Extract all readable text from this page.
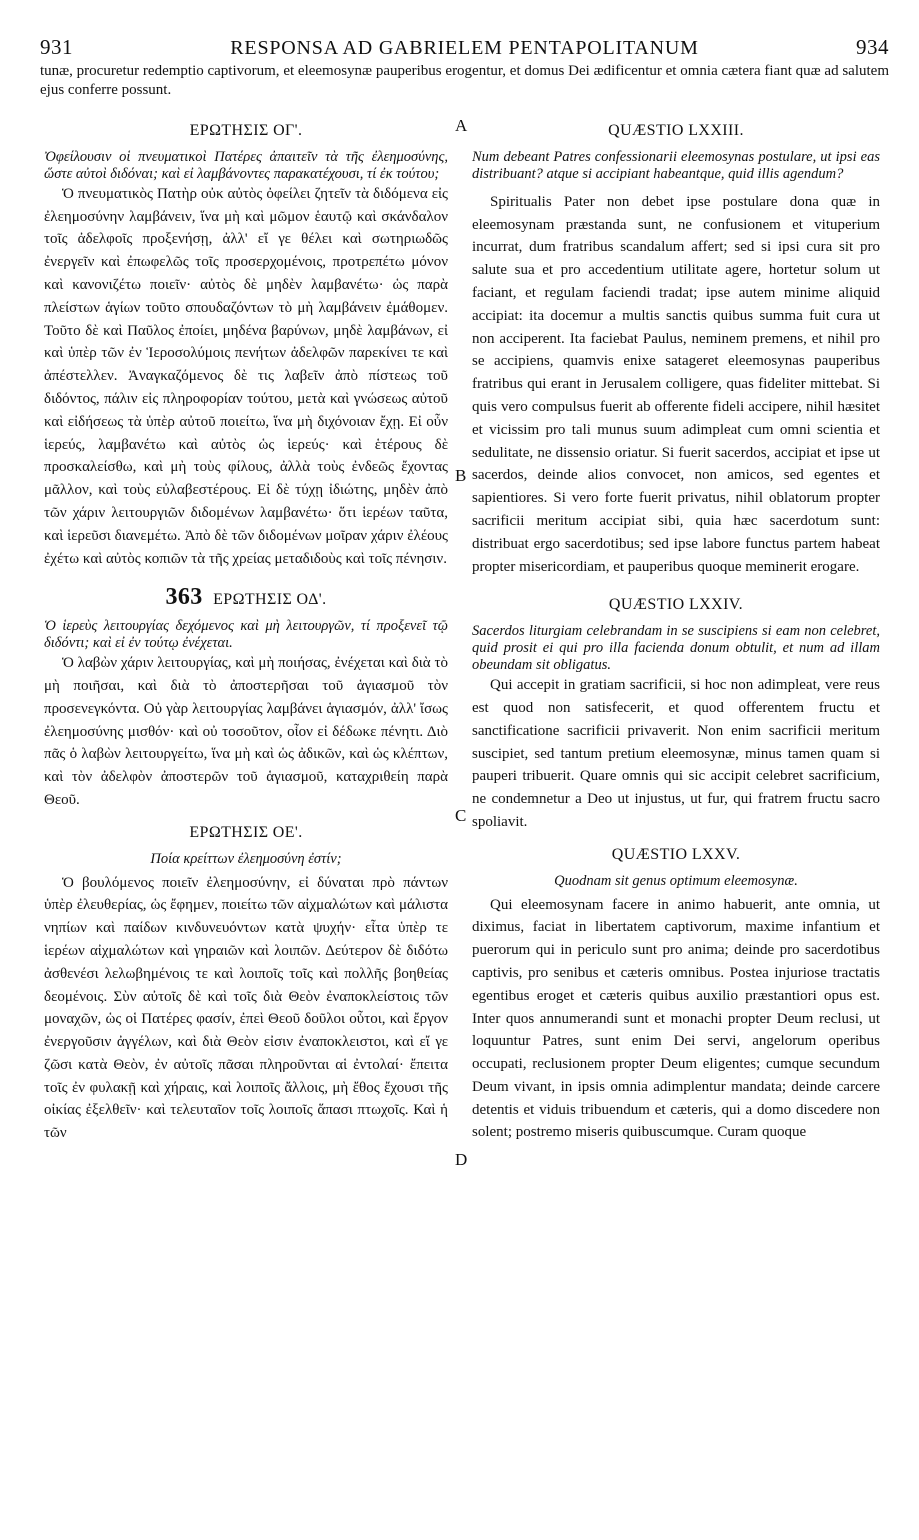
931	RESPONSA AD GABRIELEM PENTAPOLITANUM	934
tunæ, procuretur redemptio captivorum, et eleemosynæ pauperibus erogentur, et domus Dei ædificentur et omnia cætera fiant quæ ad salutem ejus conferre possunt.
A
B
C
D
ΕΡΩΤΗΣΙΣ ΟΓ'.

Ὀφείλουσιν οἱ πνευματικοὶ Πατέρες ἀπαιτεῖν τὰ τῆς ἐλεημοσύνης, ὥστε αὐτοὶ διδόναι; καὶ εἰ λαμβάνοντες παρακατέχουσι, τί ἐκ τούτου;

Ὁ πνευματικὸς Πατὴρ οὐκ αὐτὸς ὀφείλει ζητεῖν τὰ διδόμενα εἰς ἐλεημοσύνην λαμβάνειν, ἵνα μὴ καὶ μῶμον ἑαυτῷ καὶ σκάνδαλον τοῖς ἀδελφοῖς προξενήσῃ, ἀλλ' εἴ γε θέλει καὶ σωτηριωδῶς ἐνεργεῖν καὶ ἐπωφελῶς τοῖς προσερχομένοις, προτρεπέτω μόνον καὶ κανονιζέτω ποιεῖν· αὐτὸς δὲ μηδὲν λαμβανέτω· ὡς παρὰ πλείστων ἁγίων τοῦτο σπουδαζόντων τὸ μὴ λαμβάνειν ἐμάθομεν. Τοῦτο δὲ καὶ Παῦλος ἐποίει, μηδένα βαρύνων, μηδὲ λαμβάνων, εἰ καὶ ὑπὲρ τῶν ἐν Ἱεροσολύμοις πενήτων ἀδελφῶν παρεκίνει τε καὶ ἀπέστελλεν. Ἀναγκαζόμενος δὲ τις λαβεῖν ἀπὸ πίστεως τοῦ διδόντος, πάλιν εἰς πληροφορίαν τούτου, μετὰ καὶ γνώσεως αὐτοῦ καὶ εἰδήσεως τὰ ὑπὲρ αὐτοῦ ποιείτω, ἵνα μὴ διχόνοιαν ἔχῃ. Εἰ οὖν ἱερεύς, λαμβανέτω καὶ αὐτὸς ὡς ἱερεύς· καὶ ἑτέρους δὲ προσκαλείσθω, καὶ μὴ τοὺς φίλους, ἀλλὰ τοὺς ἐνδεῶς ἔχοντας μᾶλλον, καὶ τοὺς εὐλαβεστέρους. Εἰ δὲ τύχῃ ἰδιώτης, μηδὲν ἀπὸ τῶν χάριν λειτουργιῶν διδομένων λαμβανέτω· ὅτι ἱερέων ταῦτα, καὶ ἱερεῦσι διανεμέτω. Ἀπὸ δὲ τῶν διδομένων μοῖραν χάριν ἐλέους ἐχέτω καὶ αὐτὸς κοπιῶν τὰ τῆς χρείας μεταδιδοὺς καὶ τοῖς πένησιν.

363 ΕΡΩΤΗΣΙΣ ΟΔ'.

Ὁ ἱερεὺς λειτουργίας δεχόμενος καὶ μὴ λειτουργῶν, τί προξενεῖ τῷ διδόντι; καὶ εἰ ἐν τούτῳ ἐνέχεται.

Ὁ λαβὼν χάριν λειτουργίας, καὶ μὴ ποιήσας, ἐνέχεται καὶ διὰ τὸ μὴ ποιῆσαι, καὶ διὰ τὸ ἀποστερῆσαι τοῦ ἁγιασμοῦ τὸν προσενεγκόντα. Οὐ γὰρ λειτουργίας λαμβάνει ἁγιασμόν, ἀλλ' ἴσως ἐλεημοσύνης μισθόν· καὶ οὐ τοσοῦτον, οἷον εἰ δέδωκε πένητι. Διὸ πᾶς ὁ λαβὼν λειτουργείτω, ἵνα μὴ καὶ ὡς ἀδικῶν, καὶ ὡς κλέπτων, καὶ τὸν ἀδελφὸν ἀποστερῶν τοῦ ἁγιασμοῦ, καταχριθείη παρὰ Θεοῦ.

ΕΡΩΤΗΣΙΣ ΟΕ'.

Ποία κρείττων ἐλεημοσύνη ἐστίν;

Ὁ βουλόμενος ποιεῖν ἐλεημοσύνην, εἰ δύναται πρὸ πάντων ὑπὲρ ἐλευθερίας, ὡς ἔφημεν, ποιείτω τῶν αἰχμαλώτων καὶ μάλιστα νηπίων καὶ παίδων κινδυνευόντων κατὰ ψυχήν· εἶτα ὑπὲρ τε ἱερέων αἰχμαλώτων καὶ γηραιῶν καὶ λοιπῶν. Δεύτερον δὲ διδότω ἀσθενέσι λελωβημένοις τε καὶ λοιποῖς τοῖς καὶ πολλῆς βοηθείας δεομένοις. Σὺν αὐτοῖς δὲ καὶ τοῖς διὰ Θεὸν ἐναποκλείστοις τῶν μοναχῶν, ὡς οἱ Πατέρες φασίν, ἐπεὶ Θεοῦ δοῦλοι οὗτοι, καὶ ἔργον ἐνεργοῦσιν ἀγγέλων, καὶ διὰ Θεὸν εἰσιν ἐναποκλειστοι, καὶ εἴ γε ζῶσι κατὰ Θεὸν, ἐν αὐτοῖς πᾶσαι πληροῦνται αἱ ἐντολαί· ἔπειτα τοῖς ἐν φυλακῇ καὶ χήραις, καὶ λοιποῖς ἄλλοις, μὴ ἔθος ἔχουσι τῆς οἰκίας ἐξελθεῖν· καὶ τελευταῖον τοῖς λοιποῖς ἅπασι πτωχοῖς. Καὶ ἡ τῶν

QUÆSTIO LXXIII.

Num debeant Patres confessionarii eleemosynas postulare, ut ipsi eas distribuant? atque si accipiant habeantque, quid illis agendum?

Spiritualis Pater non debet ipse postulare dona quæ in eleemosynam præstanda sunt, ne confusionem et vituperium incurrat, dum fratribus scandalum affert; sed si ipsi cura sit pro salute sua et pro accedentium utilitate agere, hortetur solum ut faciant, et regulam faciendi tradat; ipse autem minime aliquid accipiat: ita docemur a multis sanctis quibus summa fuit cura ut non acciperent. Ita faciebat Paulus, neminem premens, et nihil pro se accipiens, quamvis enixe satageret eleemosynas pauperibus fratribus qui erant in Jerusalem colligere, quas fideliter mittebat. Si quis vero compulsus fuerit ab offerente fideli accipere, nihil hæsitet et vicissim pro tali munus suum adimpleat cum omni scientia et sedulitate, ne dissensio oriatur. Si fuerit sacerdos, accipiat et ipse ut sacerdos, deinde alios convocet, non amicos, sed egentes et sapientiores. Si vero forte fuerit privatus, nihil oblatorum propter sacrificii meritum accipiat sibi, quia hæc sacerdotum sunt: distribuat ergo sacerdotibus; sed ipse labore functus partem habeat propter misericordiam, et pauperibus quoque meminerit erogare.

QUÆSTIO LXXIV.

Sacerdos liturgiam celebrandam in se suscipiens si eam non celebret, quid prosit ei qui pro illa facienda donum obtulit, et num ad illam obeundam sit obligatus.

Qui accepit in gratiam sacrificii, si hoc non adimpleat, vere reus est quod non satisfecerit, et quod offerentem fructu et sanctificatione sacrificii privaverit. Non enim sacrificii meritum suscipiet, sed tantum pretium eleemosynæ, minus tamen quam si pauperi tribuerit. Quare omnis qui sic accipit celebret sacrificium, ne condemnetur a Deo ut injustus, ut fur, qui fratrem fructu sacro spoliavit.

QUÆSTIO LXXV.

Quodnam sit genus optimum eleemosynæ.

Qui eleemosynam facere in animo habuerit, ante omnia, ut diximus, faciat in libertatem captivorum, maxime infantium et puerorum qui in periculo sunt pro anima; deinde pro sacerdotibus captivis, pro senibus et cæteris omnibus. Postea injuriose tractatis egentibus eroget et cæteris quibus auxilio præstantiori opus est. Inter quos annumerandi sunt et monachi propter Deum reclusi, ut loquuntur Patres, sunt enim Dei servi, angelorum operibus occupati, reclusionem propter Deum eligentes; cumque secundum Deum vivant, in ipsis omnia adimplentur mandata; deinde carcere detentis et viduis tribuendum et cæteris, qui a domo discedere non solent; postremo miseris quibuscumque. Curam quoque
